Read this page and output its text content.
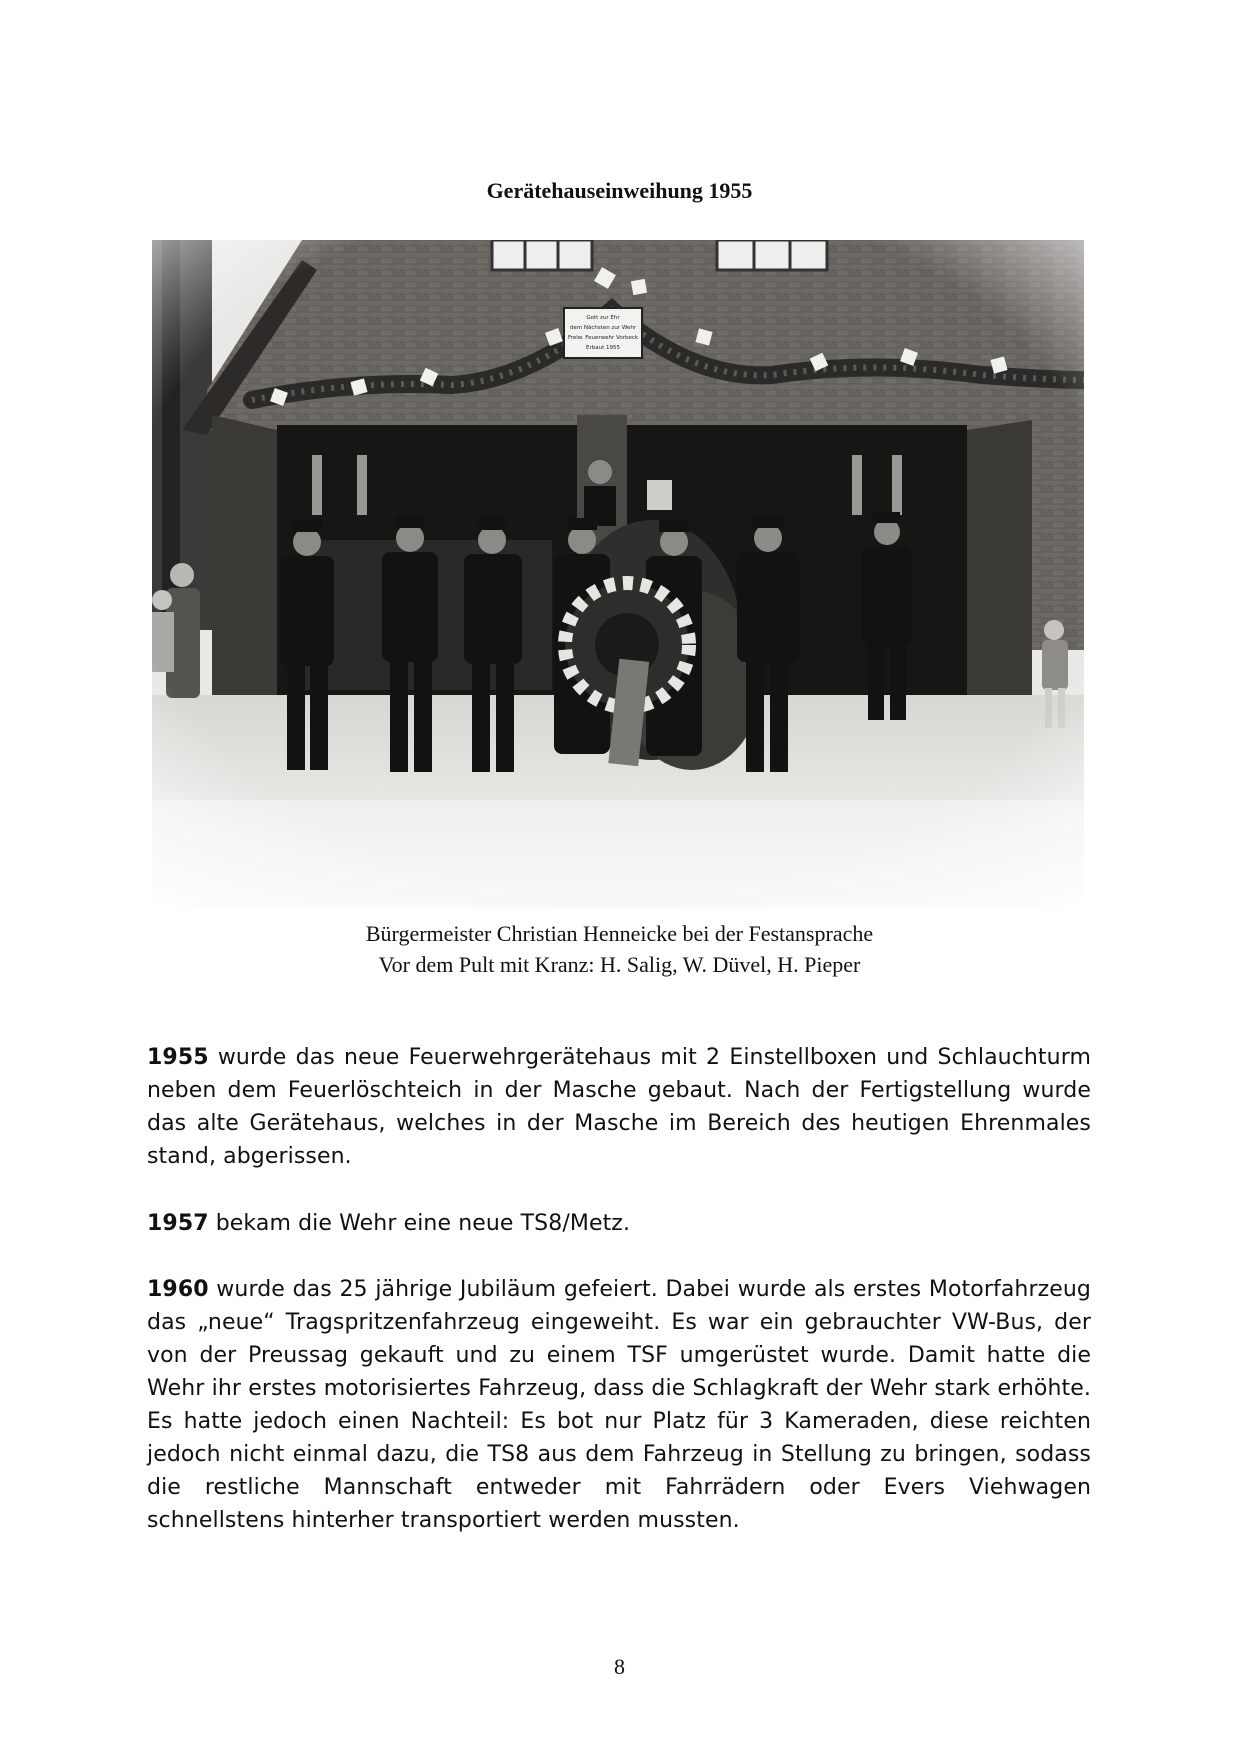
Gerätehauseinweihung 1955
Bürgermeister Christian Henneicke bei der Festansprache
Vor dem Pult mit Kranz: H. Salig, W. Düvel, H. Pieper
1955 wurde das neue Feuerwehrgerätehaus mit 2 Einstellboxen und Schlauchturm neben dem Feuerlöschteich in der Masche gebaut. Nach der Fertigstellung wurde das alte Gerätehaus, welches in der Masche im Bereich des heutigen Ehrenmales stand, abgerissen.
1957 bekam die Wehr eine neue TS8/Metz.
1960 wurde das 25 jährige Jubiläum gefeiert. Dabei wurde als erstes Motorfahrzeug das „neue“ Tragspritzenfahrzeug eingeweiht. Es war ein gebrauchter VW-Bus, der von der Preussag gekauft und zu einem TSF umgerüstet wurde. Damit hatte die Wehr ihr erstes motorisiertes Fahrzeug, dass die Schlagkraft der Wehr stark erhöhte. Es hatte jedoch einen Nachteil: Es bot nur Platz für 3 Kameraden, diese reichten jedoch nicht einmal dazu, die TS8 aus dem Fahrzeug in Stellung zu bringen, sodass die restliche Mannschaft entweder mit Fahrrädern oder Evers Viehwagen schnellstens hinterher transportiert werden mussten.
8
